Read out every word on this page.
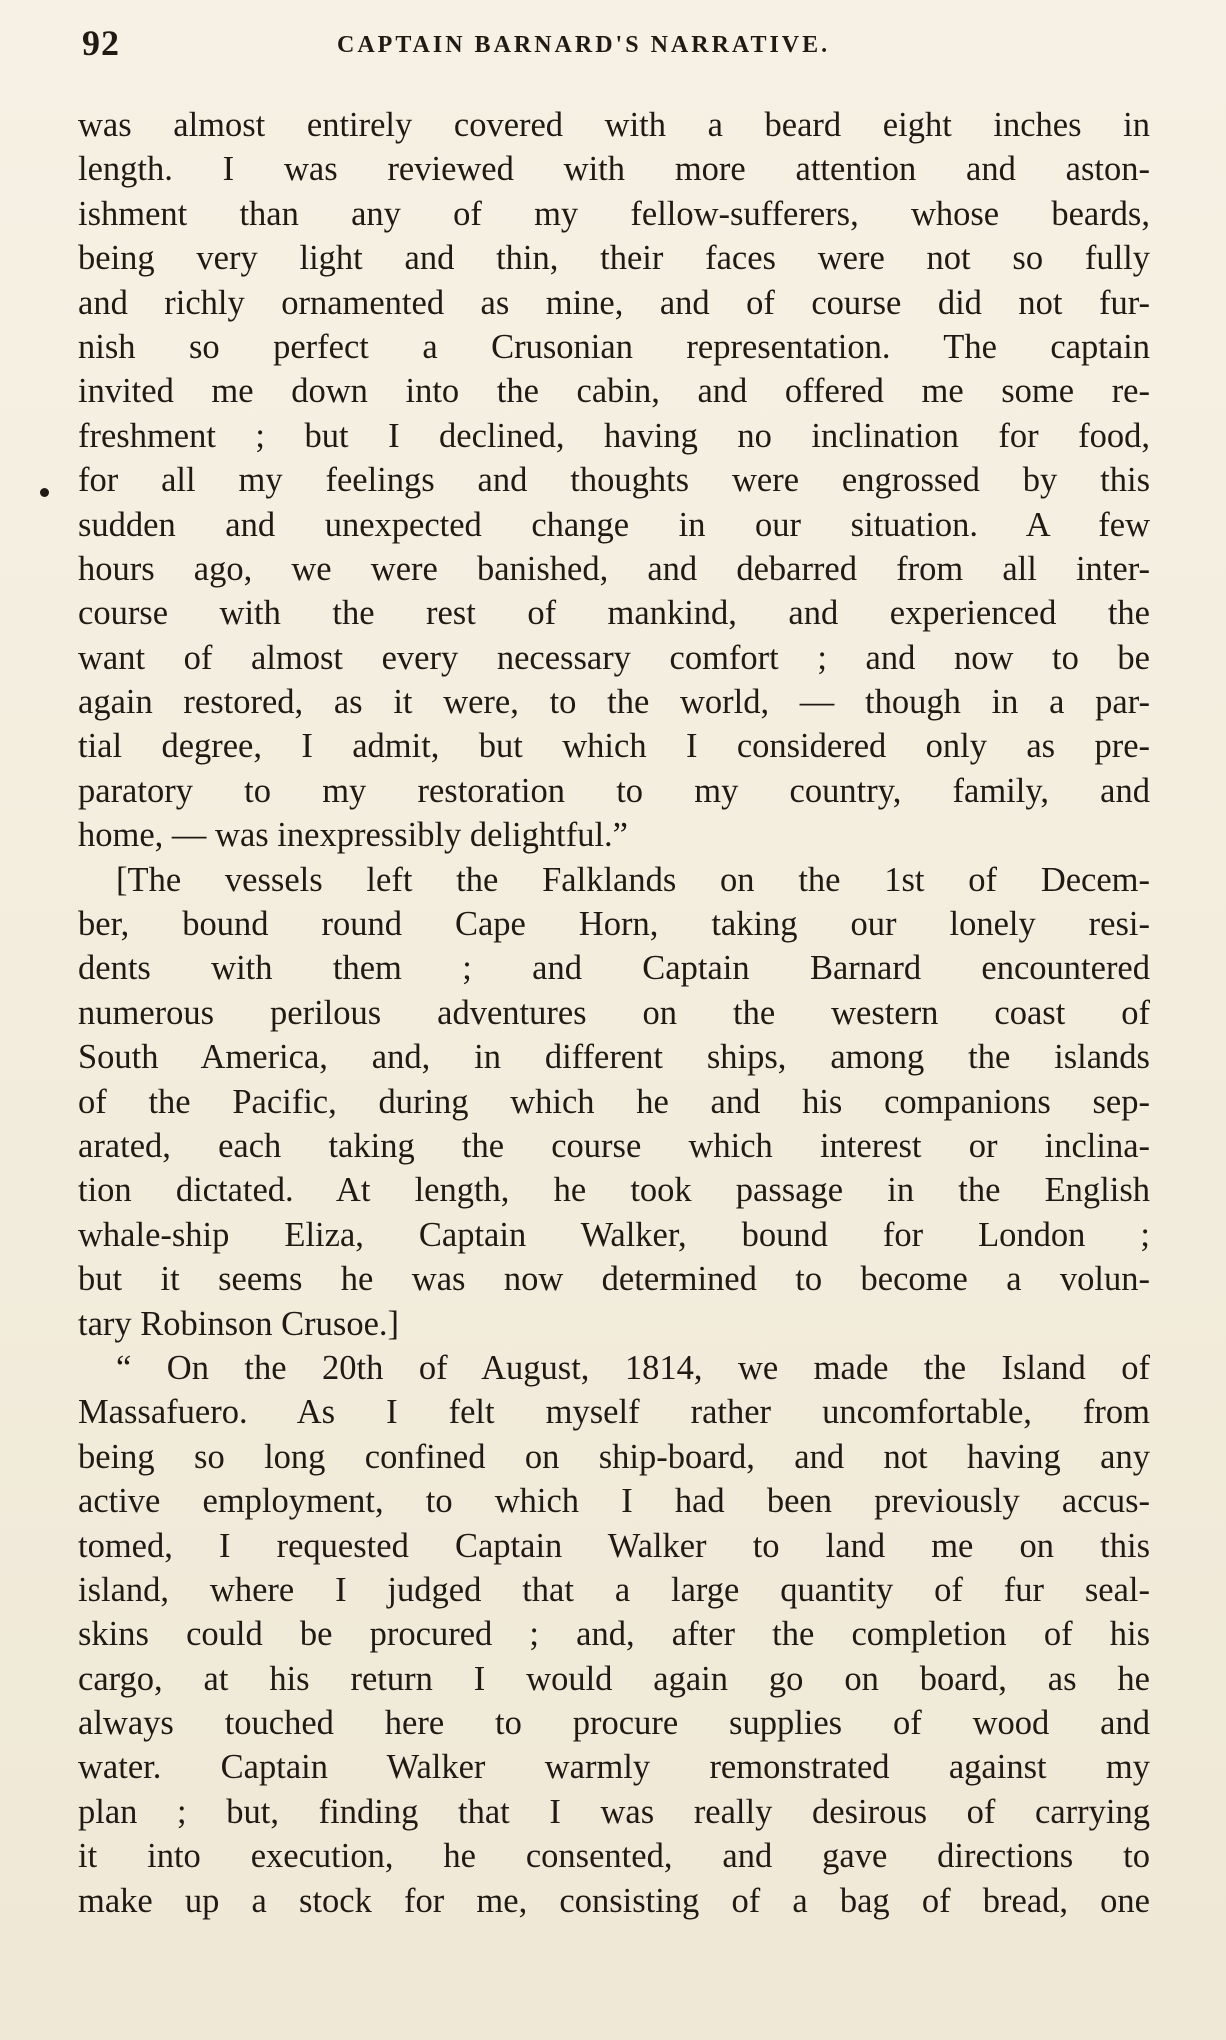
92	CAPTAIN BARNARD'S NARRATIVE.
was almost entirely covered with a beard eight inches in
length. I was reviewed with more attention and aston-
ishment than any of my fellow-sufferers, whose beards,
being very light and thin, their faces were not so fully
and richly ornamented as mine, and of course did not fur-
nish so perfect a Crusonian representation. The captain
invited me down into the cabin, and offered me some re-
freshment ; but I declined, having no inclination for food,
for all my feelings and thoughts were engrossed by this
sudden and unexpected change in our situation. A few
hours ago, we were banished, and debarred from all inter-
course with the rest of mankind, and experienced the
want of almost every necessary comfort ; and now to be
again restored, as it were, to the world, — though in a par-
tial degree, I admit, but which I considered only as pre-
paratory to my restoration to my country, family, and
home, — was inexpressibly delightful.”
[The vessels left the Falklands on the 1st of Decem-
ber, bound round Cape Horn, taking our lonely resi-
dents with them ; and Captain Barnard encountered
numerous perilous adventures on the western coast of
South America, and, in different ships, among the islands
of the Pacific, during which he and his companions sep-
arated, each taking the course which interest or inclina-
tion dictated. At length, he took passage in the English
whale-ship Eliza, Captain Walker, bound for London ;
but it seems he was now determined to become a volun-
tary Robinson Crusoe.]
“ On the 20th of August, 1814, we made the Island of
Massafuero. As I felt myself rather uncomfortable, from
being so long confined on ship-board, and not having any
active employment, to which I had been previously accus-
tomed, I requested Captain Walker to land me on this
island, where I judged that a large quantity of fur seal-
skins could be procured ; and, after the completion of his
cargo, at his return I would again go on board, as he
always touched here to procure supplies of wood and
water. Captain Walker warmly remonstrated against my
plan ; but, finding that I was really desirous of carrying
it into execution, he consented, and gave directions to
make up a stock for me, consisting of a bag of bread, one
